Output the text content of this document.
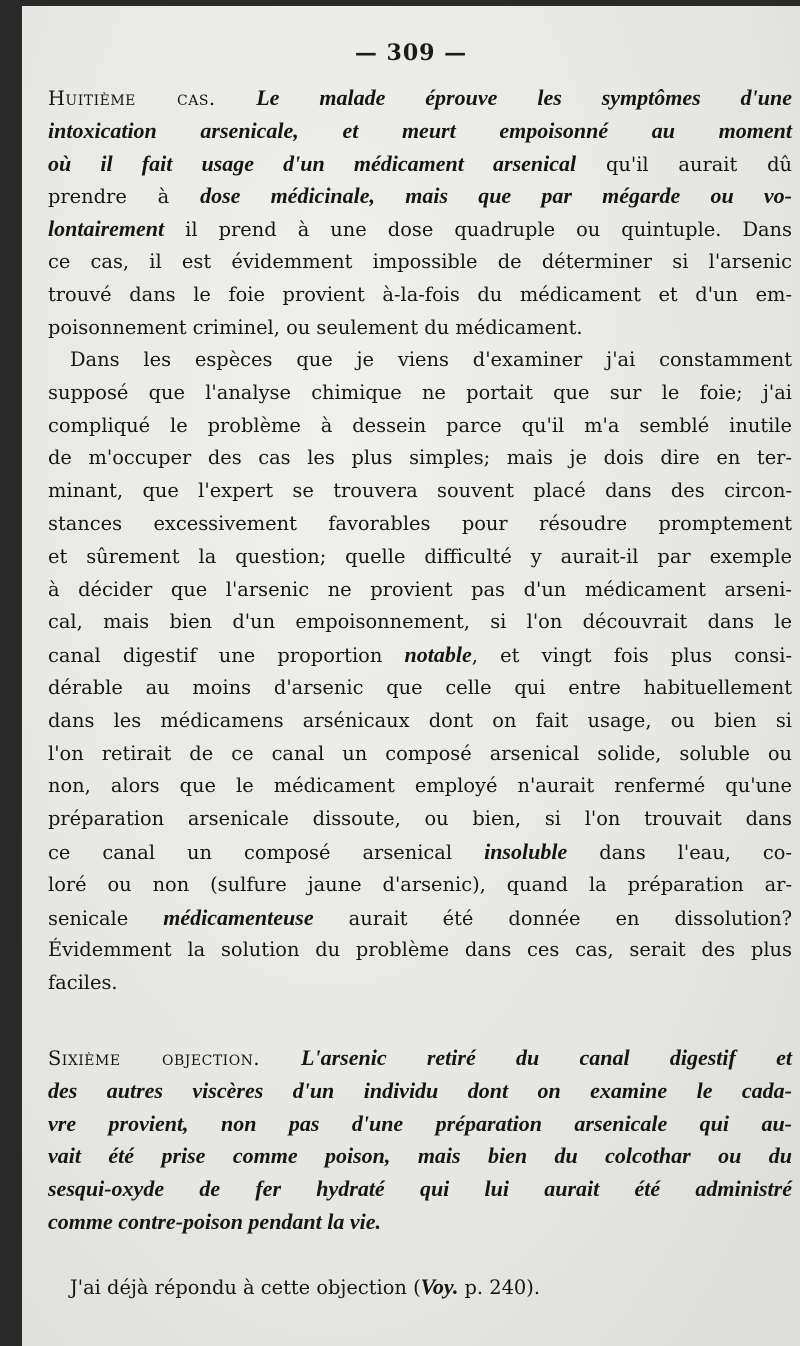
— 309 —
Huitième cas. Le malade éprouve les symptômes d'une
intoxication arsenicale, et meurt empoisonné au moment
où il fait usage d'un médicament arsenical qu'il aurait dû
prendre à dose médicinale, mais que par mégarde ou vo-
lontairement il prend à une dose quadruple ou quintuple. Dans
ce cas, il est évidemment impossible de déterminer si l'arsenic
trouvé dans le foie provient à-la-fois du médicament et d'un em-
poisonnement criminel, ou seulement du médicament.
Dans les espèces que je viens d'examiner j'ai constamment
supposé que l'analyse chimique ne portait que sur le foie; j'ai
compliqué le problème à dessein parce qu'il m'a semblé inutile
de m'occuper des cas les plus simples; mais je dois dire en ter-
minant, que l'expert se trouvera souvent placé dans des circon-
stances excessivement favorables pour résoudre promptement
et sûrement la question; quelle difficulté y aurait-il par exemple
à décider que l'arsenic ne provient pas d'un médicament arseni-
cal, mais bien d'un empoisonnement, si l'on découvrait dans le
canal digestif une proportion notable, et vingt fois plus consi-
dérable au moins d'arsenic que celle qui entre habituellement
dans les médicamens arsénicaux dont on fait usage, ou bien si
l'on retirait de ce canal un composé arsenical solide, soluble ou
non, alors que le médicament employé n'aurait renfermé qu'une
préparation arsenicale dissoute, ou bien, si l'on trouvait dans
ce canal un composé arsenical insoluble dans l'eau, co-
loré ou non (sulfure jaune d'arsenic), quand la préparation ar-
senicale médicamenteuse aurait été donnée en dissolution?
Évidemment la solution du problème dans ces cas, serait des plus
faciles.
Sixième objection. L'arsenic retiré du canal digestif et
des autres viscères d'un individu dont on examine le cada-
vre provient, non pas d'une préparation arsenicale qui au-
vait été prise comme poison, mais bien du colcothar ou du
sesqui-oxyde de fer hydraté qui lui aurait été administré
comme contre-poison pendant la vie.
J'ai déjà répondu à cette objection (Voy. p. 240).
